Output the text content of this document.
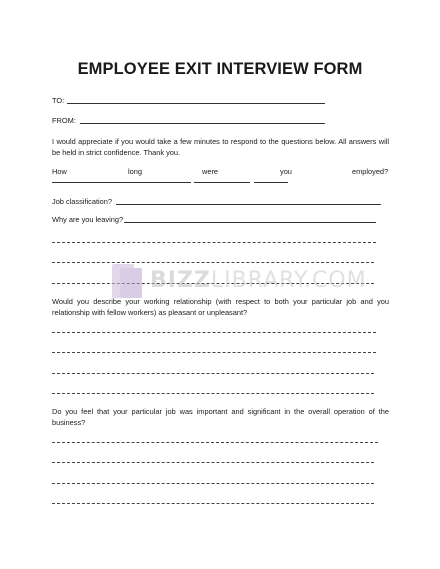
EMPLOYEE EXIT INTERVIEW FORM
TO:
FROM:
I would appreciate if you would take a few minutes to respond to the questions below. All answers will be held in strict confidence. Thank you.
How	long	were	you	employed?
Job classification?
Why are you leaving?
BIZZLIBRARY.COM
Would you describe your working relationship (with respect to both your particular job and you relationship with fellow workers) as pleasant or unpleasant?
Do you feel that your particular job was important and significant in the overall operation of the business?
